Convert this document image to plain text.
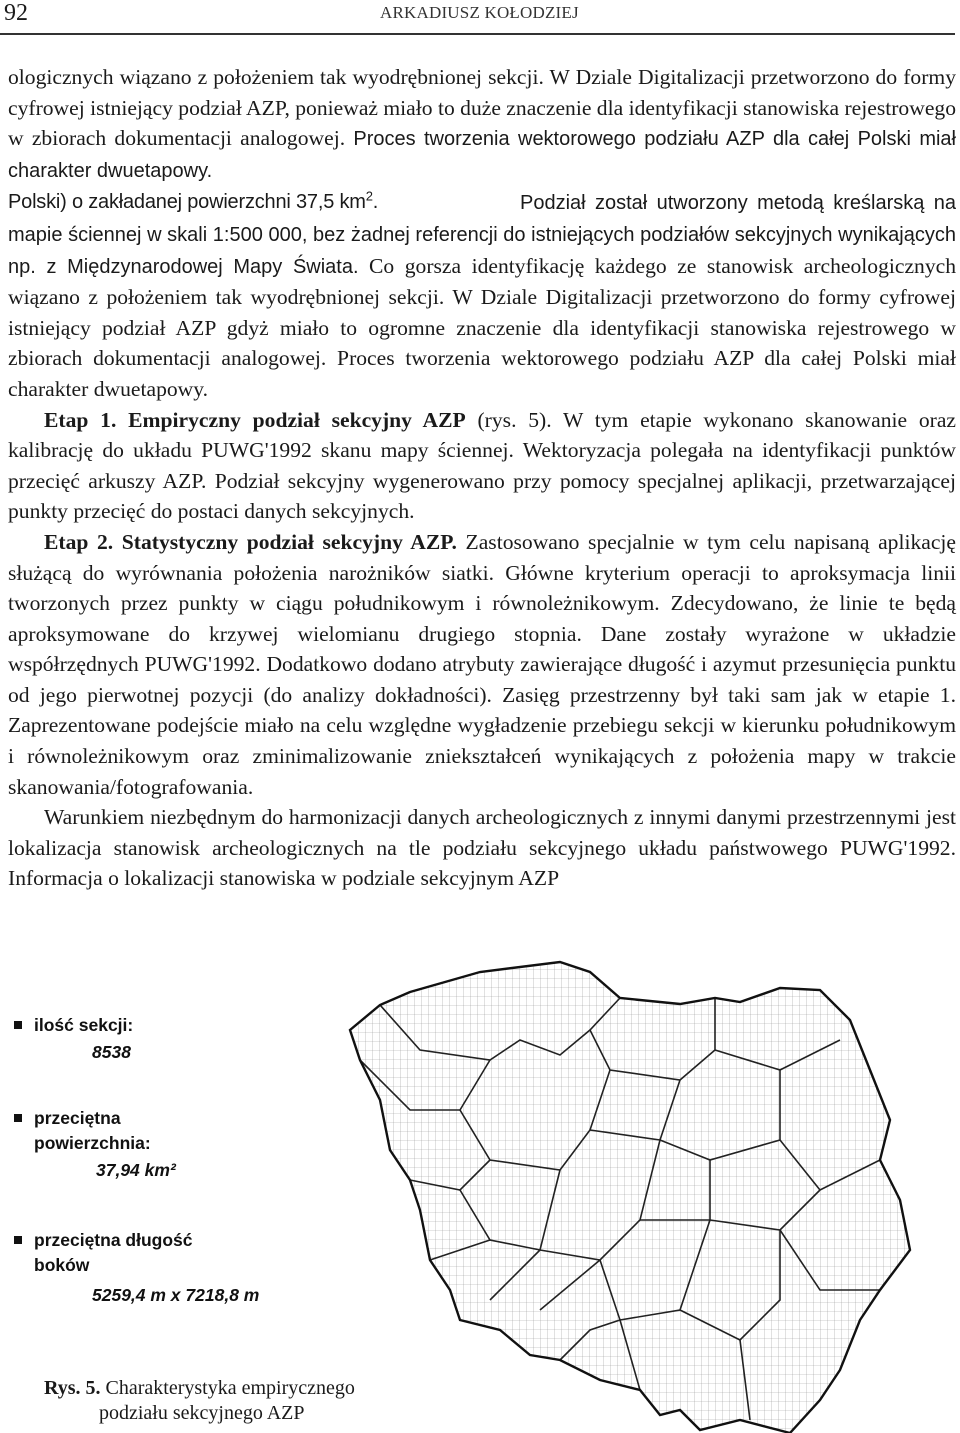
92	ARKADIUSZ KOŁODZIEJ

ologicznych wiązano z położeniem tak wyodrębnionej sekcji. W Dziale Digitalizacji przetworzono do formy cyfrowej istniejący podział AZP, ponieważ miało to duże znaczenie dla identyfikacji stanowiska rejestrowego w zbiorach dokumentacji analogowej. Proces tworzenia wektorowego podziału AZP dla całej Polski miał charakter dwuetapowy.

Polski) o zakładanej powierzchni 37,5 $km^2$.	Podział został utworzony metodą kreślarską na mapie ściennej w skali 1:500 000, bez żadnej referencji do istniejących podziałów sekcyjnych wynikających np. z Międzynarodowej Mapy Świata. Co gorsza identyfikację każdego ze stanowisk archeologicznych wiązano z położeniem tak wyodrębnionej sekcji. W Dziale Digitalizacji przetworzono do formy cyfrowej istniejący podział AZP gdyż miało to ogromne znaczenie dla identyfikacji stanowiska rejestrowego w zbiorach dokumentacji analogowej. Proces tworzenia wektorowego podziału AZP dla całej Polski miał charakter dwuetapowy.

Etap 1. Empiryczny podział sekcyjny AZP (rys. 5). W tym etapie wykonano skanowanie oraz kalibrację do układu PUWG'1992 skanu mapy ściennej. Wektoryzacja polegała na identyfikacji punktów przecięć arkuszy AZP. Podział sekcyjny wygenerowano przy pomocy specjalnej aplikacji, przetwarzającej punkty przecięć do postaci danych sekcyjnych.

Etap 2. Statystyczny podział sekcyjny AZP. Zastosowano specjalnie w tym celu napisaną aplikację służącą do wyrównania położenia narożników siatki. Główne kryterium operacji to aproksymacja linii tworzonych przez punkty w ciągu południkowym i równoleżnikowym. Zdecydowano, że linie te będą aproksymowane do krzywej wielomianu drugiego stopnia. Dane zostały wyrażone w układzie współrzędnych PUWG'1992. Dodatkowo dodano atrybuty zawierające długość i azymut przesunięcia punktu od jego pierwotnej pozycji (do analizy dokładności). Zasięg przestrzenny był taki sam jak w etapie 1. Zaprezentowane podejście miało na celu względne wygładzenie przebiegu sekcji w kierunku południkowym i równoleżnikowym oraz zminimalizowanie zniekształceń wynikających z położenia mapy w trakcie skanowania/fotografowania.

Warunkiem niezbędnym do harmonizacji danych archeologicznych z innymi danymi przestrzennymi jest lokalizacja stanowisk archeologicznych na tle podziału sekcyjnego układu państwowego PUWG'1992. Informacja o lokalizacji stanowiska w podziale sekcyjnym AZP

ilość sekcji:
8538
przeciętna
powierzchnia:
37,94 km²
przeciętna długość
boków
5259,4 m x 7218,8 m
Rys. 5. Charakterystyka empirycznego
podziału sekcyjnego AZP
